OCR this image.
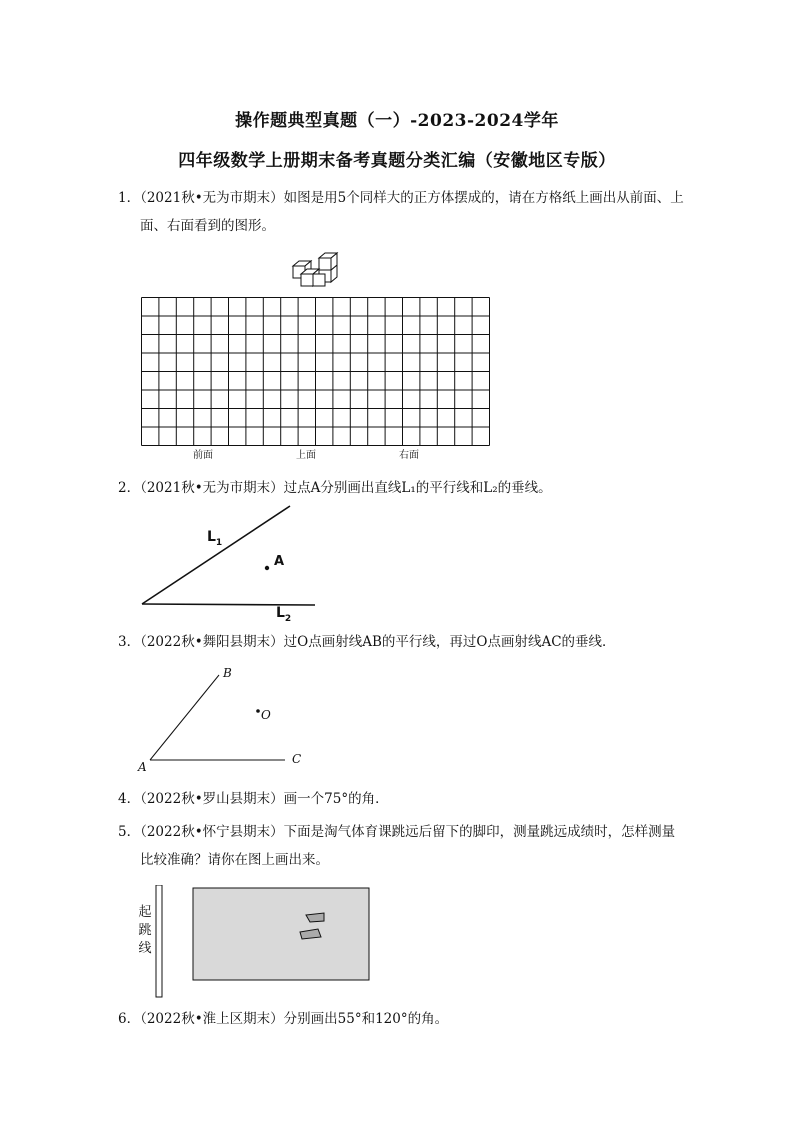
操作题典型真题（一）-2023-2024学年
四年级数学上册期末备考真题分类汇编（安徽地区专版）
1．（2021秋•无为市期末）如图是用5个同样大的正方体摆成的，请在方格纸上画出从前面、上面、右面看到的图形。
前面	上面	右面
2．（2021秋•无为市期末）过点A分别画出直线L₁的平行线和L₂的垂线。
$L_1$
A
$L_2$
3．（2022秋•舞阳县期末）过O点画射线AB的平行线，再过O点画射线AC的垂线．
B
O
C
A
4．（2022秋•罗山县期末）画一个75°的角．
5．（2022秋•怀宁县期末）下面是淘气体育课跳远后留下的脚印，测量跳远成绩时，怎样测量比较准确？请你在图上画出来。
起
跳
线
6．（2022秋•淮上区期末）分别画出55°和120°的角。
